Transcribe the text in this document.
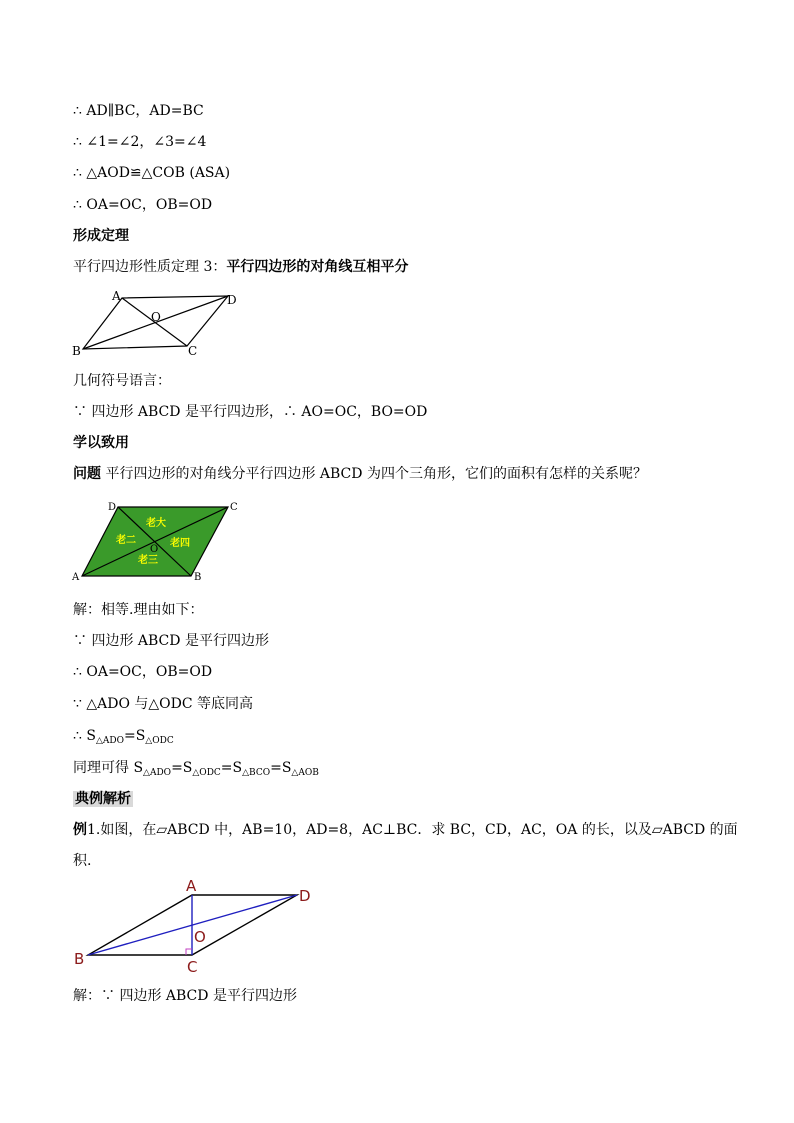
∴ AD∥BC，AD=BC
∴ ∠1=∠2，∠3=∠4
∴ △AOD≌△COB (ASA)
∴ OA=OC，OB=OD
形成定理
平行四边形性质定理 3：平行四边形的对角线互相平分
A	D
O
B	C
几何符号语言：
∵ 四边形 ABCD 是平行四边形，∴ AO=OC，BO=OD
学以致用
问题 平行四边形的对角线分平行四边形 ABCD 为四个三角形，它们的面积有怎样的关系呢？
老大
老二	老四
老三
O
D	C
A	B
解：相等.理由如下：
∵ 四边形 ABCD 是平行四边形
∴ OA=OC，OB=OD
∵ △ADO 与△ODC 等底同高
∴ $S_{\triangle ADO}=S_{\triangle ODC}$
同理可得 $S_{\triangle ADO}=S_{\triangle ODC}=S_{\triangle BCO}=S_{\triangle AOB}$
典例解析
例1.如图，在▱ABCD 中，AB=10，AD=8，AC⊥BC．求 BC，CD，AC，OA 的长，以及▱ABCD 的面
积.
A
D
O
B	C
解：∵ 四边形 ABCD 是平行四边形
